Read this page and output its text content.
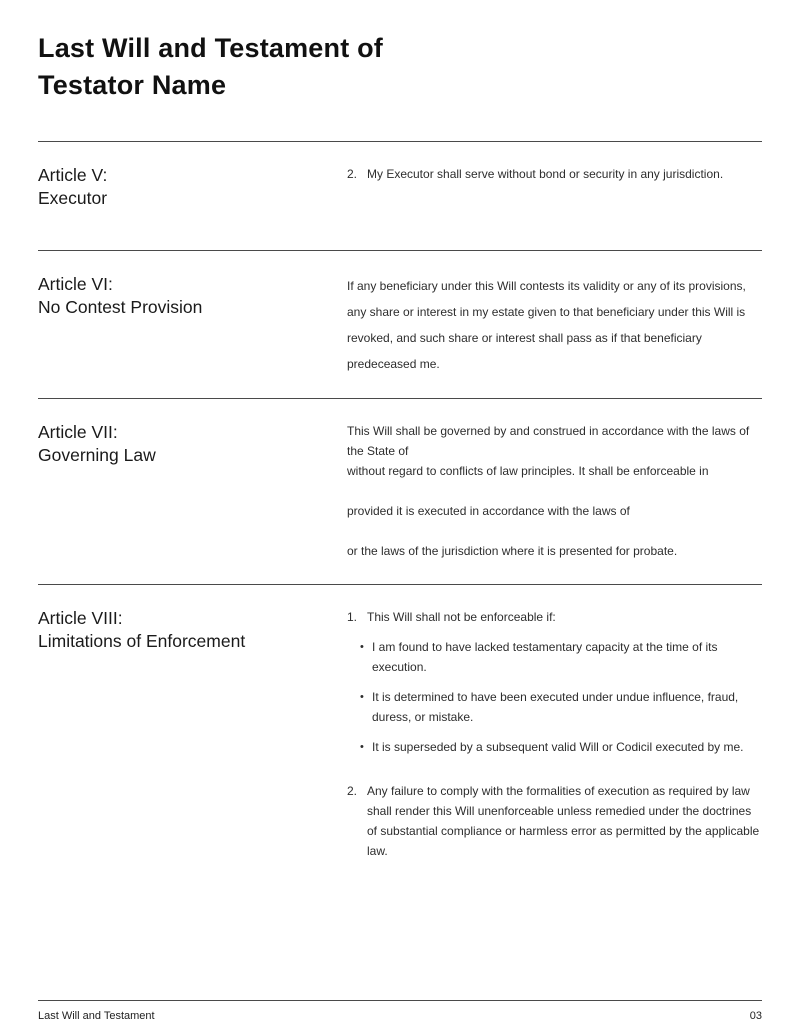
Last Will and Testament of
Testator Name
Article V:
Executor
2. My Executor shall serve without bond or security in any jurisdiction.
Article VI:
No Contest Provision

If any beneficiary under this Will contests its validity or any of its provisions, any share or interest in my estate given to that beneficiary under this Will is revoked, and such share or interest shall pass as if that beneficiary predeceased me.

Article VII:
Governing Law

This Will shall be governed by and construed in accordance with the laws of the State of

without regard to conflicts of law principles. It shall be enforceable in

provided it is executed in accordance with the laws of

or the laws of the jurisdiction where it is presented for probate.

Article VIII:
Limitations of Enforcement
1. This Will shall not be enforceable if:
• I am found to have lacked testamentary capacity at the time of its execution.
• It is determined to have been executed under undue influence, fraud, duress, or mistake.
• It is superseded by a subsequent valid Will or Codicil executed by me.
2. Any failure to comply with the formalities of execution as required by law shall render this Will unenforceable unless remedied under the doctrines of substantial compliance or harmless error as permitted by the applicable law.
Last Will and Testament	03
